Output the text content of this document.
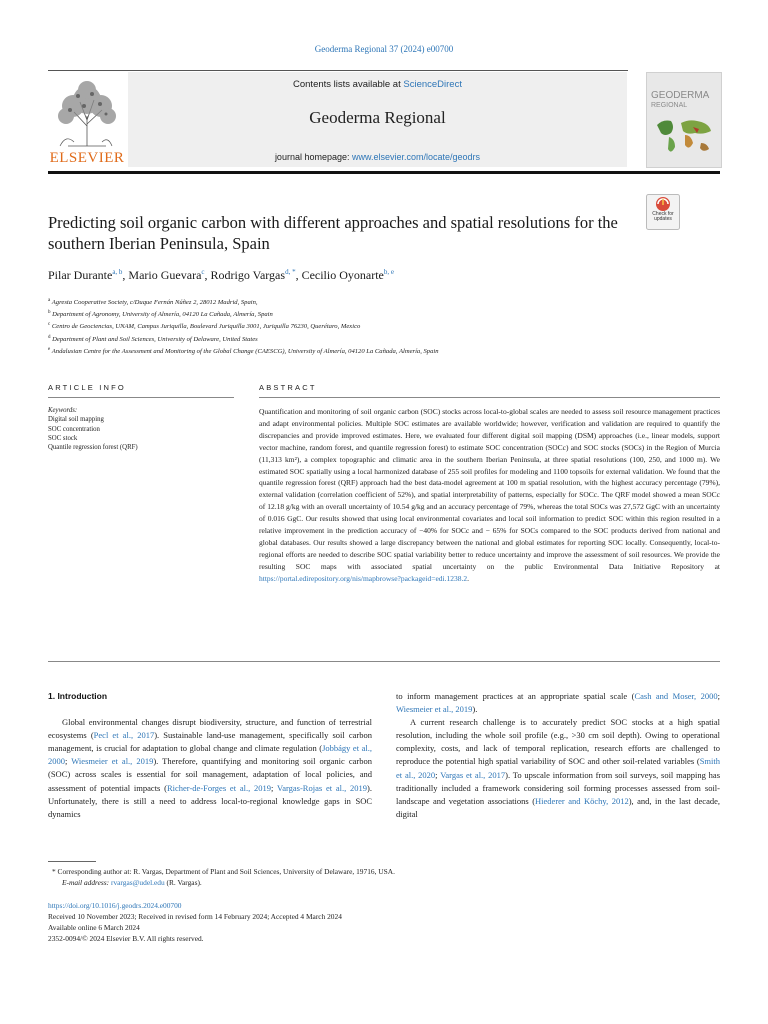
Geoderma Regional 37 (2024) e00700
ELSEVIER
Contents lists available at ScienceDirect
Geoderma Regional
journal homepage: www.elsevier.com/locate/geodrs
GEODERMA
REGIONAL
Check for
updates
Predicting soil organic carbon with different approaches and spatial resolutions for the southern Iberian Peninsula, Spain
Pilar Durante$^{a, b}$, Mario Guevara$^c$, Rodrigo Vargas$^{d, *}$, Cecilio Oyonarte$^{b, e}$
$^a$ Agresta Cooperative Society, c/Duque Fernán Núñez 2, 28012 Madrid, Spain,
$^b$ Department of Agronomy, University of Almería, 04120 La Cañada, Almería, Spain
$^c$ Centro de Geociencias, UNAM, Campus Juriquilla, Boulevard Juriquilla 3001, Juriquilla 76230, Querétaro, Mexico
$^d$ Department of Plant and Soil Sciences, University of Delaware, United States
$^e$ Andalusian Centre for the Assessment and Monitoring of the Global Change (CAESCG), University of Almería, 04120 La Cañada, Almería, Spain
ARTICLE INFO	ABSTRACT
Keywords:
Digital soil mapping
SOC concentration
SOC stock
Quantile regression forest (QRF)
Quantification and monitoring of soil organic carbon (SOC) stocks across local-to-global scales are needed to assess soil resource management practices and adapt environmental policies. Multiple SOC estimates are available worldwide; however, verification and validation are required to quantify the discrepancies and provide improved estimates. Here, we evaluated four different digital soil mapping (DSM) approaches (i.e., linear models, support vector machine, random forest, and quantile regression forest) to estimate SOC concentration (SOCc) and SOC stocks (SOCs) in the Region of Murcia (11,313 km²), a complex topographic and climatic area in the southern Iberian Peninsula, at three spatial resolutions (100, 250, and 1000 m). We estimated SOC spatially using a local harmonized database of 255 soil profiles for modeling and 1100 topsoils for external validation. We found that the quantile regression forest (QRF) approach had the best data-model agreement at 100 m spatial resolution, with the highest accuracy percentage (79%), external validation (correlation coefficient of 52%), and spatial interpretability of patterns, especially for SOCc. The QRF model showed a mean SOCc of 12.18 g/kg with an overall uncertainty of 10.54 g/kg and an accuracy percentage of 79%, whereas the total SOCs was 27,572 GgC with an uncertainty of 0.016 GgC. Our results showed that using local environmental covariates and local soil information to predict SOC within this region resulted in a relative improvement in the prediction accuracy of −40% for SOCc and − 65% for SOCs compared to the SOC products derived from national and global databases. Our results showed a large discrepancy between the national and global estimates for reporting SOC locally. Consequently, local-to-regional efforts are needed to describe SOC spatial variability better to reduce uncertainty and improve the assessment of soil resources. We provide the resulting SOC maps with associated spatial uncertainty on the public Environmental Data Initiative Repository at https://portal.edirepository.org/nis/mapbrowse?packageid=edi.1238.2.
1. Introduction

Global environmental changes disrupt biodiversity, structure, and function of terrestrial ecosystems (Pecl et al., 2017). Sustainable land-use management, specifically soil carbon management, is crucial for adaptation to global change and climate regulation (Jobbágy et al., 2000; Wiesmeier et al., 2019). Therefore, quantifying and monitoring soil organic carbon (SOC) across scales is essential for soil management, adaptation of local policies, and assessment of potential impacts (Richer-de-Forges et al., 2019; Vargas-Rojas et al., 2019). Unfortunately, there is still a need to address local-to-regional knowledge gaps in SOC dynamics

to inform management practices at an appropriate spatial scale (Cash and Moser, 2000; Wiesmeier et al., 2019).

A current research challenge is to accurately predict SOC stocks at a high spatial resolution, including the whole soil profile (e.g., >30 cm soil depth). Owing to operational complexity, costs, and lack of temporal replication, research efforts are challenged to reproduce the potential high spatial variability of SOC and other soil-related variables (Smith et al., 2020; Vargas et al., 2017). To upscale information from soil surveys, soil mapping has traditionally included a framework considering soil forming processes assessed from soil-landscape and vegetation associations (Hiederer and Köchy, 2012), and, in the last decade, digital

* Corresponding author at: R. Vargas, Department of Plant and Soil Sciences, University of Delaware, 19716, USA.
E-mail address: rvargas@udel.edu (R. Vargas).
https://doi.org/10.1016/j.geodrs.2024.e00700
Received 10 November 2023; Received in revised form 14 February 2024; Accepted 4 March 2024
Available online 6 March 2024
2352-0094/© 2024 Elsevier B.V. All rights reserved.
